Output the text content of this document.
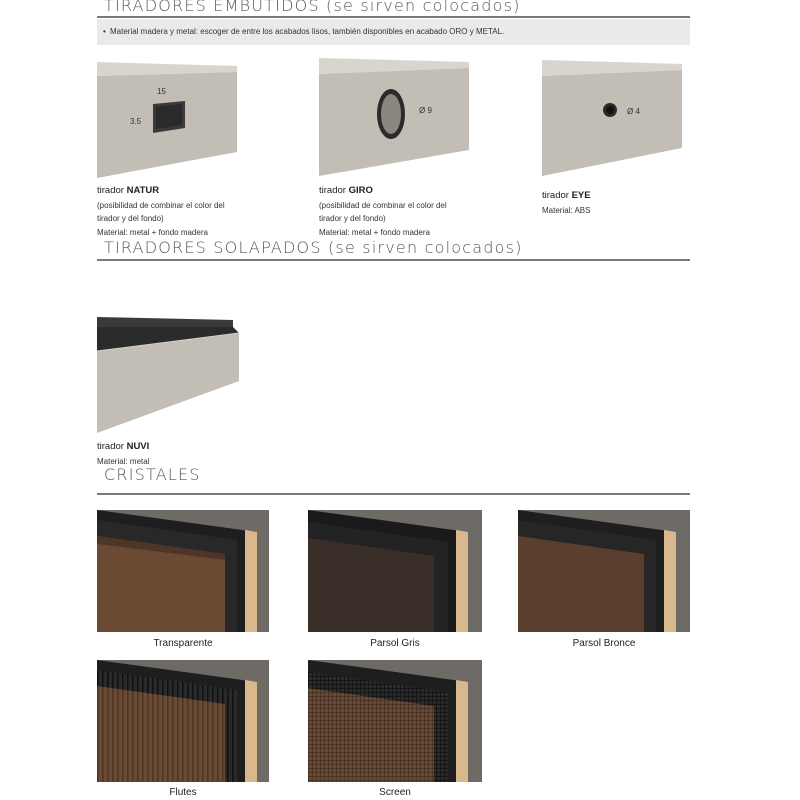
TIRADORES EMBUTIDOS (se sirven colocados)
• Material madera y metal: escoger de entre los acabados lisos, también disponibles en acabado ORO y METAL.
15
3.5
tirador NATUR
(posibilidad de combinar el color del
tirador y del fondo)
Material: metal + fondo madera
Ø 9
tirador GIRO
(posibilidad de combinar el color del
tirador y del fondo)
Material: metal + fondo madera
Ø 4
tirador EYE
Material: ABS
TIRADORES SOLAPADOS (se sirven colocados)
tirador NUVI
Material: metal
CRISTALES
Transparente	Parsol Gris	Parsol Bronce
Flutes	Screen
